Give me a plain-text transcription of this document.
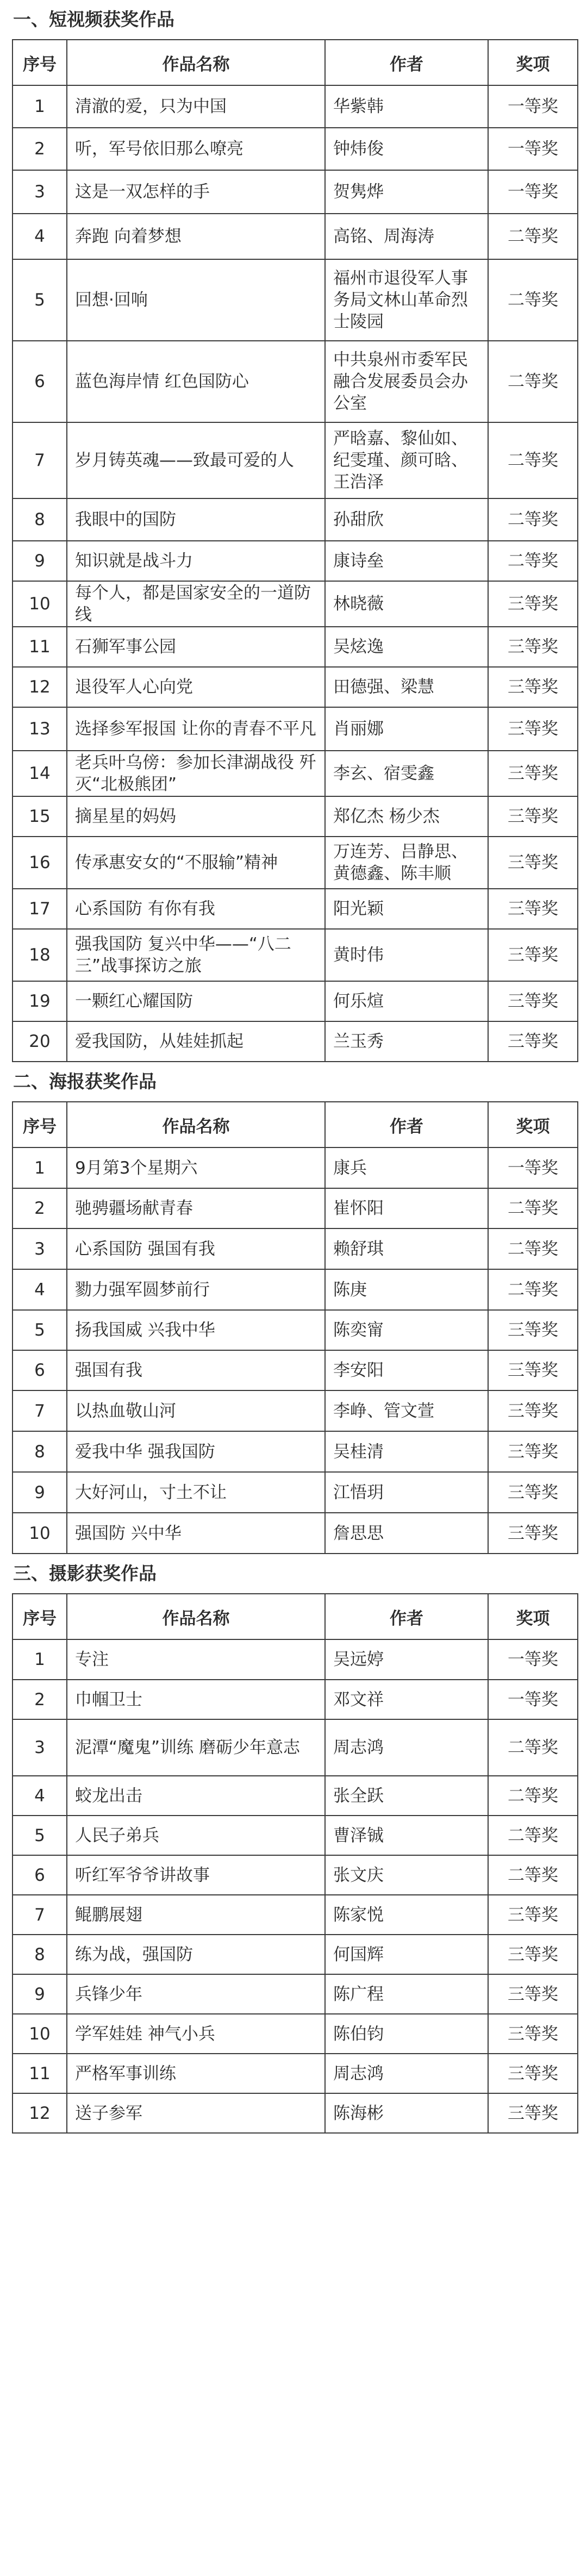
一、短视频获奖作品
序号	作品名称	作者	奖项
1	清澈的爱，只为中国	华紫韩	一等奖
2	听，军号依旧那么嘹亮	钟炜俊	一等奖
3	这是一双怎样的手	贺隽烨	一等奖
4	奔跑 向着梦想	高铭、周海涛	二等奖
5	回想·回响	福州市退役军人事务局文林山革命烈士陵园	二等奖
6	蓝色海岸情 红色国防心	中共泉州市委军民融合发展委员会办公室	二等奖
7	岁月铸英魂——致最可爱的人	严晗嘉、黎仙如、纪雯瑾、颜可晗、王浩泽	二等奖
8	我眼中的国防	孙甜欣	二等奖
9	知识就是战斗力	康诗垒	二等奖
10	每个人，都是国家安全的一道防线	林晓薇	三等奖
11	石狮军事公园	吴炫逸	三等奖
12	退役军人心向党	田德强、梁慧	三等奖
13	选择参军报国 让你的青春不平凡	肖丽娜	三等奖
14	老兵叶乌傍：参加长津湖战役 歼灭“北极熊团”	李玄、宿雯鑫	三等奖
15	摘星星的妈妈	郑亿杰 杨少杰	三等奖
16	传承惠安女的“不服输”精神	万连芳、吕静思、黄德鑫、陈丰顺	三等奖
17	心系国防 有你有我	阳光颖	三等奖
18	强我国防 复兴中华——“八二三”战事探访之旅	黄时伟	三等奖
19	一颗红心耀国防	何乐煊	三等奖
20	爱我国防，从娃娃抓起	兰玉秀	三等奖
二、海报获奖作品
序号	作品名称	作者	奖项
1	9月第3个星期六	康兵	一等奖
2	驰骋疆场献青春	崔怀阳	二等奖
3	心系国防 强国有我	赖舒琪	二等奖
4	勠力强军圆梦前行	陈庚	二等奖
5	扬我国威 兴我中华	陈奕甯	三等奖
6	强国有我	李安阳	三等奖
7	以热血敬山河	李峥、管文萱	三等奖
8	爱我中华 强我国防	吴桂清	三等奖
9	大好河山，寸土不让	江悟玥	三等奖
10	强国防 兴中华	詹思思	三等奖
三、摄影获奖作品
序号	作品名称	作者	奖项
1	专注	吴远婷	一等奖
2	巾帼卫士	邓文祥	一等奖
3	泥潭“魔鬼”训练 磨砺少年意志	周志鸿	二等奖
4	蛟龙出击	张全跃	二等奖
5	人民子弟兵	曹泽铖	二等奖
6	听红军爷爷讲故事	张文庆	二等奖
7	鲲鹏展翅	陈家悦	三等奖
8	练为战，强国防	何国辉	三等奖
9	兵锋少年	陈广程	三等奖
10	学军娃娃 神气小兵	陈伯钧	三等奖
11	严格军事训练	周志鸿	三等奖
12	送子参军	陈海彬	三等奖
